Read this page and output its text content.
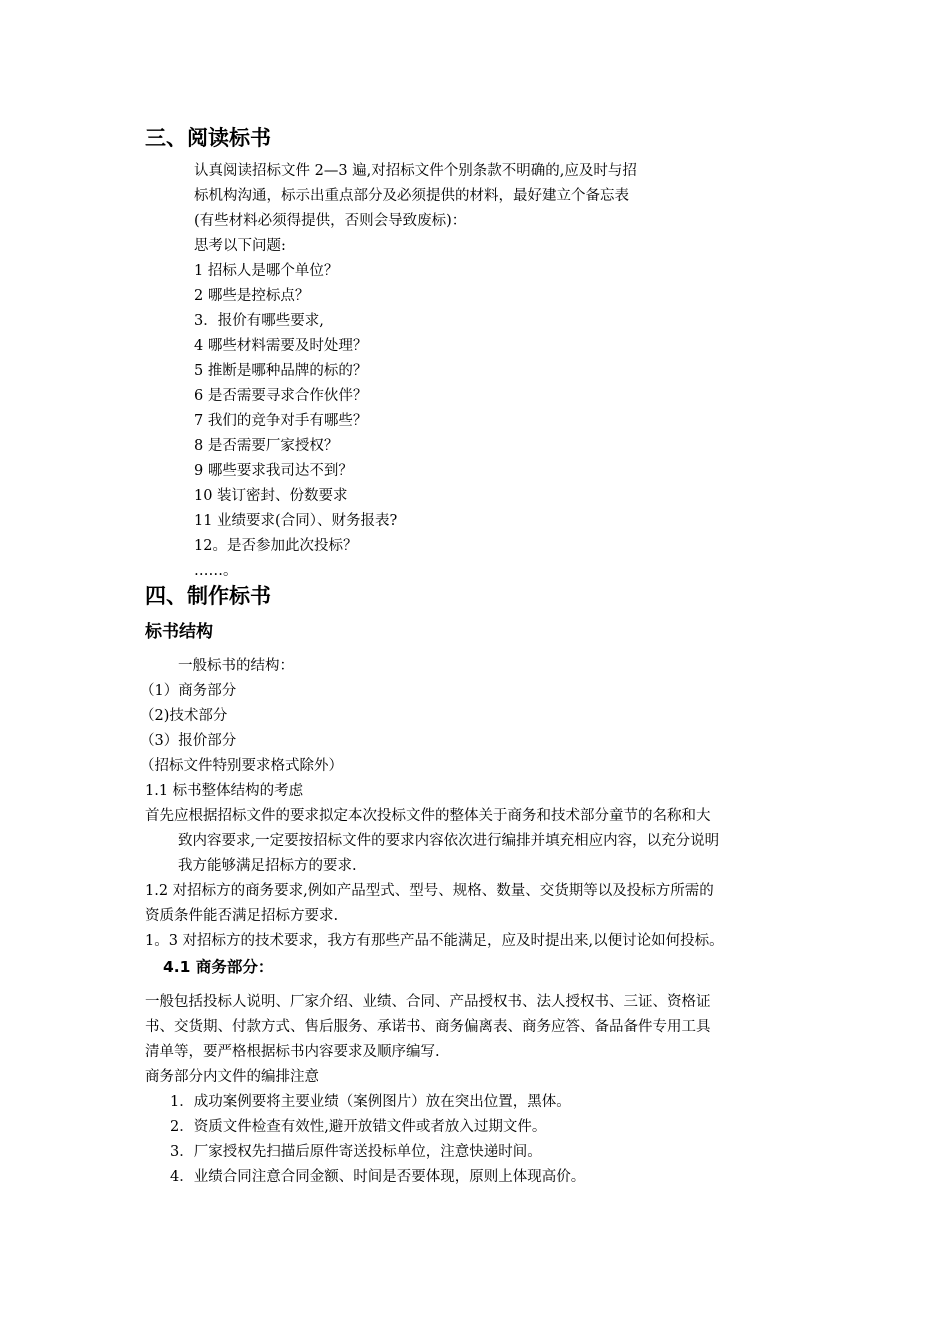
三、阅读标书
认真阅读招标文件 2—3 遍,对招标文件个别条款不明确的,应及时与招
标机构沟通，标示出重点部分及必须提供的材料，最好建立个备忘表
(有些材料必须得提供，否则会导致废标)：
思考以下问题:
1 招标人是哪个单位？
2 哪些是控标点？
3．报价有哪些要求,
4 哪些材料需要及时处理？
5 推断是哪种品牌的标的？
6 是否需要寻求合作伙伴？
7 我们的竞争对手有哪些？
8 是否需要厂家授权？
9 哪些要求我司达不到？
10 装订密封、份数要求
11 业绩要求(合同）、财务报表?
12。是否参加此次投标？
……。
四、制作标书
标书结构
一般标书的结构：
（1）商务部分
（2)技术部分
（3）报价部分
（招标文件特别要求格式除外）
1.1 标书整体结构的考虑
首先应根据招标文件的要求拟定本次投标文件的整体关于商务和技术部分童节的名称和大
致内容要求,一定要按招标文件的要求内容依次进行编排并填充相应内容，以充分说明
我方能够满足招标方的要求.
1.2 对招标方的商务要求,例如产品型式、型号、规格、数量、交货期等以及投标方所需的
资质条件能否满足招标方要求.
1。3 对招标方的技术要求，我方有那些产品不能满足，应及时提出来,以便讨论如何投标。
4.1 商务部分：
一般包括投标人说明、厂家介绍、业绩、合同、产品授权书、法人授权书、三证、资格证
书、交货期、付款方式、售后服务、承诺书、商务偏离表、商务应答、备品备件专用工具
清单等，要严格根据标书内容要求及顺序编写.
商务部分内文件的编排注意
1．成功案例要将主要业绩（案例图片）放在突出位置，黑体。
2．资质文件检查有效性,避开放错文件或者放入过期文件。
3．厂家授权先扫描后原件寄送投标单位，注意快递时间。
4．业绩合同注意合同金额、时间是否要体现，原则上体现高价。
